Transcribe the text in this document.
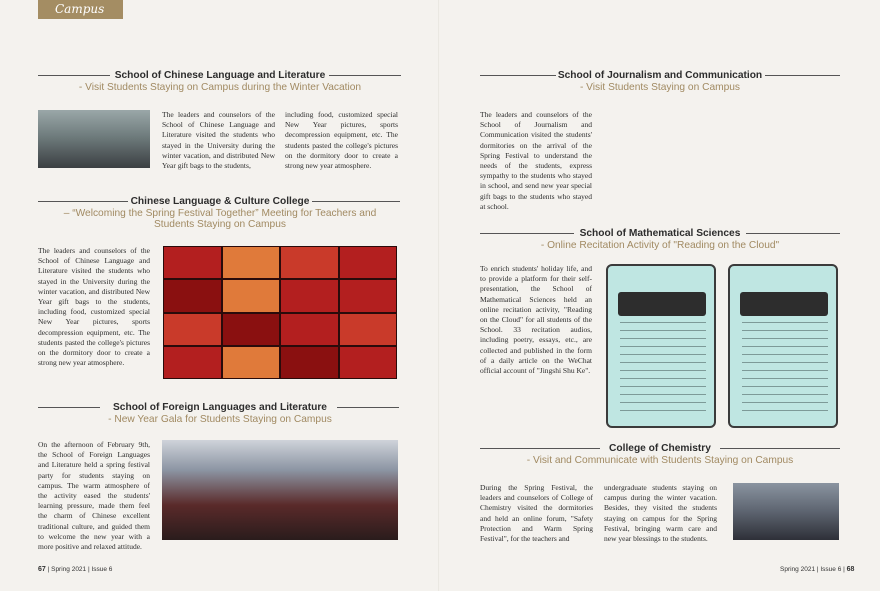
Campus
School of Chinese Language and Literature
- Visit Students Staying on Campus during the Winter Vacation
The leaders and counselors of the School of Chinese Language and Literature visited the students who stayed in the University during the winter vacation, and distributed New Year gift bags to the students,
including food, customized special New Year pictures, sports decompression equipment, etc. The students pasted the college's pictures on the dormitory door to create a strong new year atmosphere.
Chinese Language & Culture College
– “Welcoming the Spring Festival Together” Meeting for Teachers and
Students Staying on Campus
The leaders and counselors of the School of Chinese Language and Literature visited the students who stayed in the University during the winter vacation, and distributed New Year gift bags to the students, including food, customized special New Year pictures, sports decompression equipment, etc. The students pasted the college's pictures on the dormitory door to create a strong new year atmosphere.
School of Foreign Languages and Literature
- New Year Gala for Students Staying on Campus
On the afternoon of February 9th, the School of Foreign Languages and Literature held a spring festival party for students staying on campus. The warm atmosphere of the activity eased the students' learning pressure, made them feel the charm of Chinese excellent traditional culture, and guided them to welcome the new year with a more positive and relaxed attitude.
67 | Spring 2021 | Issue 6
School of Journalism and Communication
- Visit Students Staying on Campus
The leaders and counselors of the School of Journalism and Communication visited the students' dormitories on the arrival of the Spring Festival to understand the needs of the students, express sympathy to the students who stayed in school, and send new year special gift bags to the students who stayed at school.
School of Mathematical Sciences
- Online Recitation Activity of "Reading on the Cloud"
To enrich students' holiday life, and to provide a platform for their self-presentation, the School of Mathematical Sciences held an online recitation activity, "Reading on the Cloud" for all students of the School. 33 recitation audios, including poetry, essays, etc., are collected and published in the form of a daily article on the WeChat official account of "Jingshi Shu Ke".
College of Chemistry
- Visit and Communicate with Students Staying on Campus
During the Spring Festival, the leaders and counselors of College of Chemistry visited the dormitories and held an online forum, "Safety Protection and Warm Spring Festival", for the teachers and
undergraduate students staying on campus during the winter vacation. Besides, they visited the students staying on campus for the Spring Festival, bringing warm care and new year blessings to the students.
Spring 2021 | Issue 6 | 68
